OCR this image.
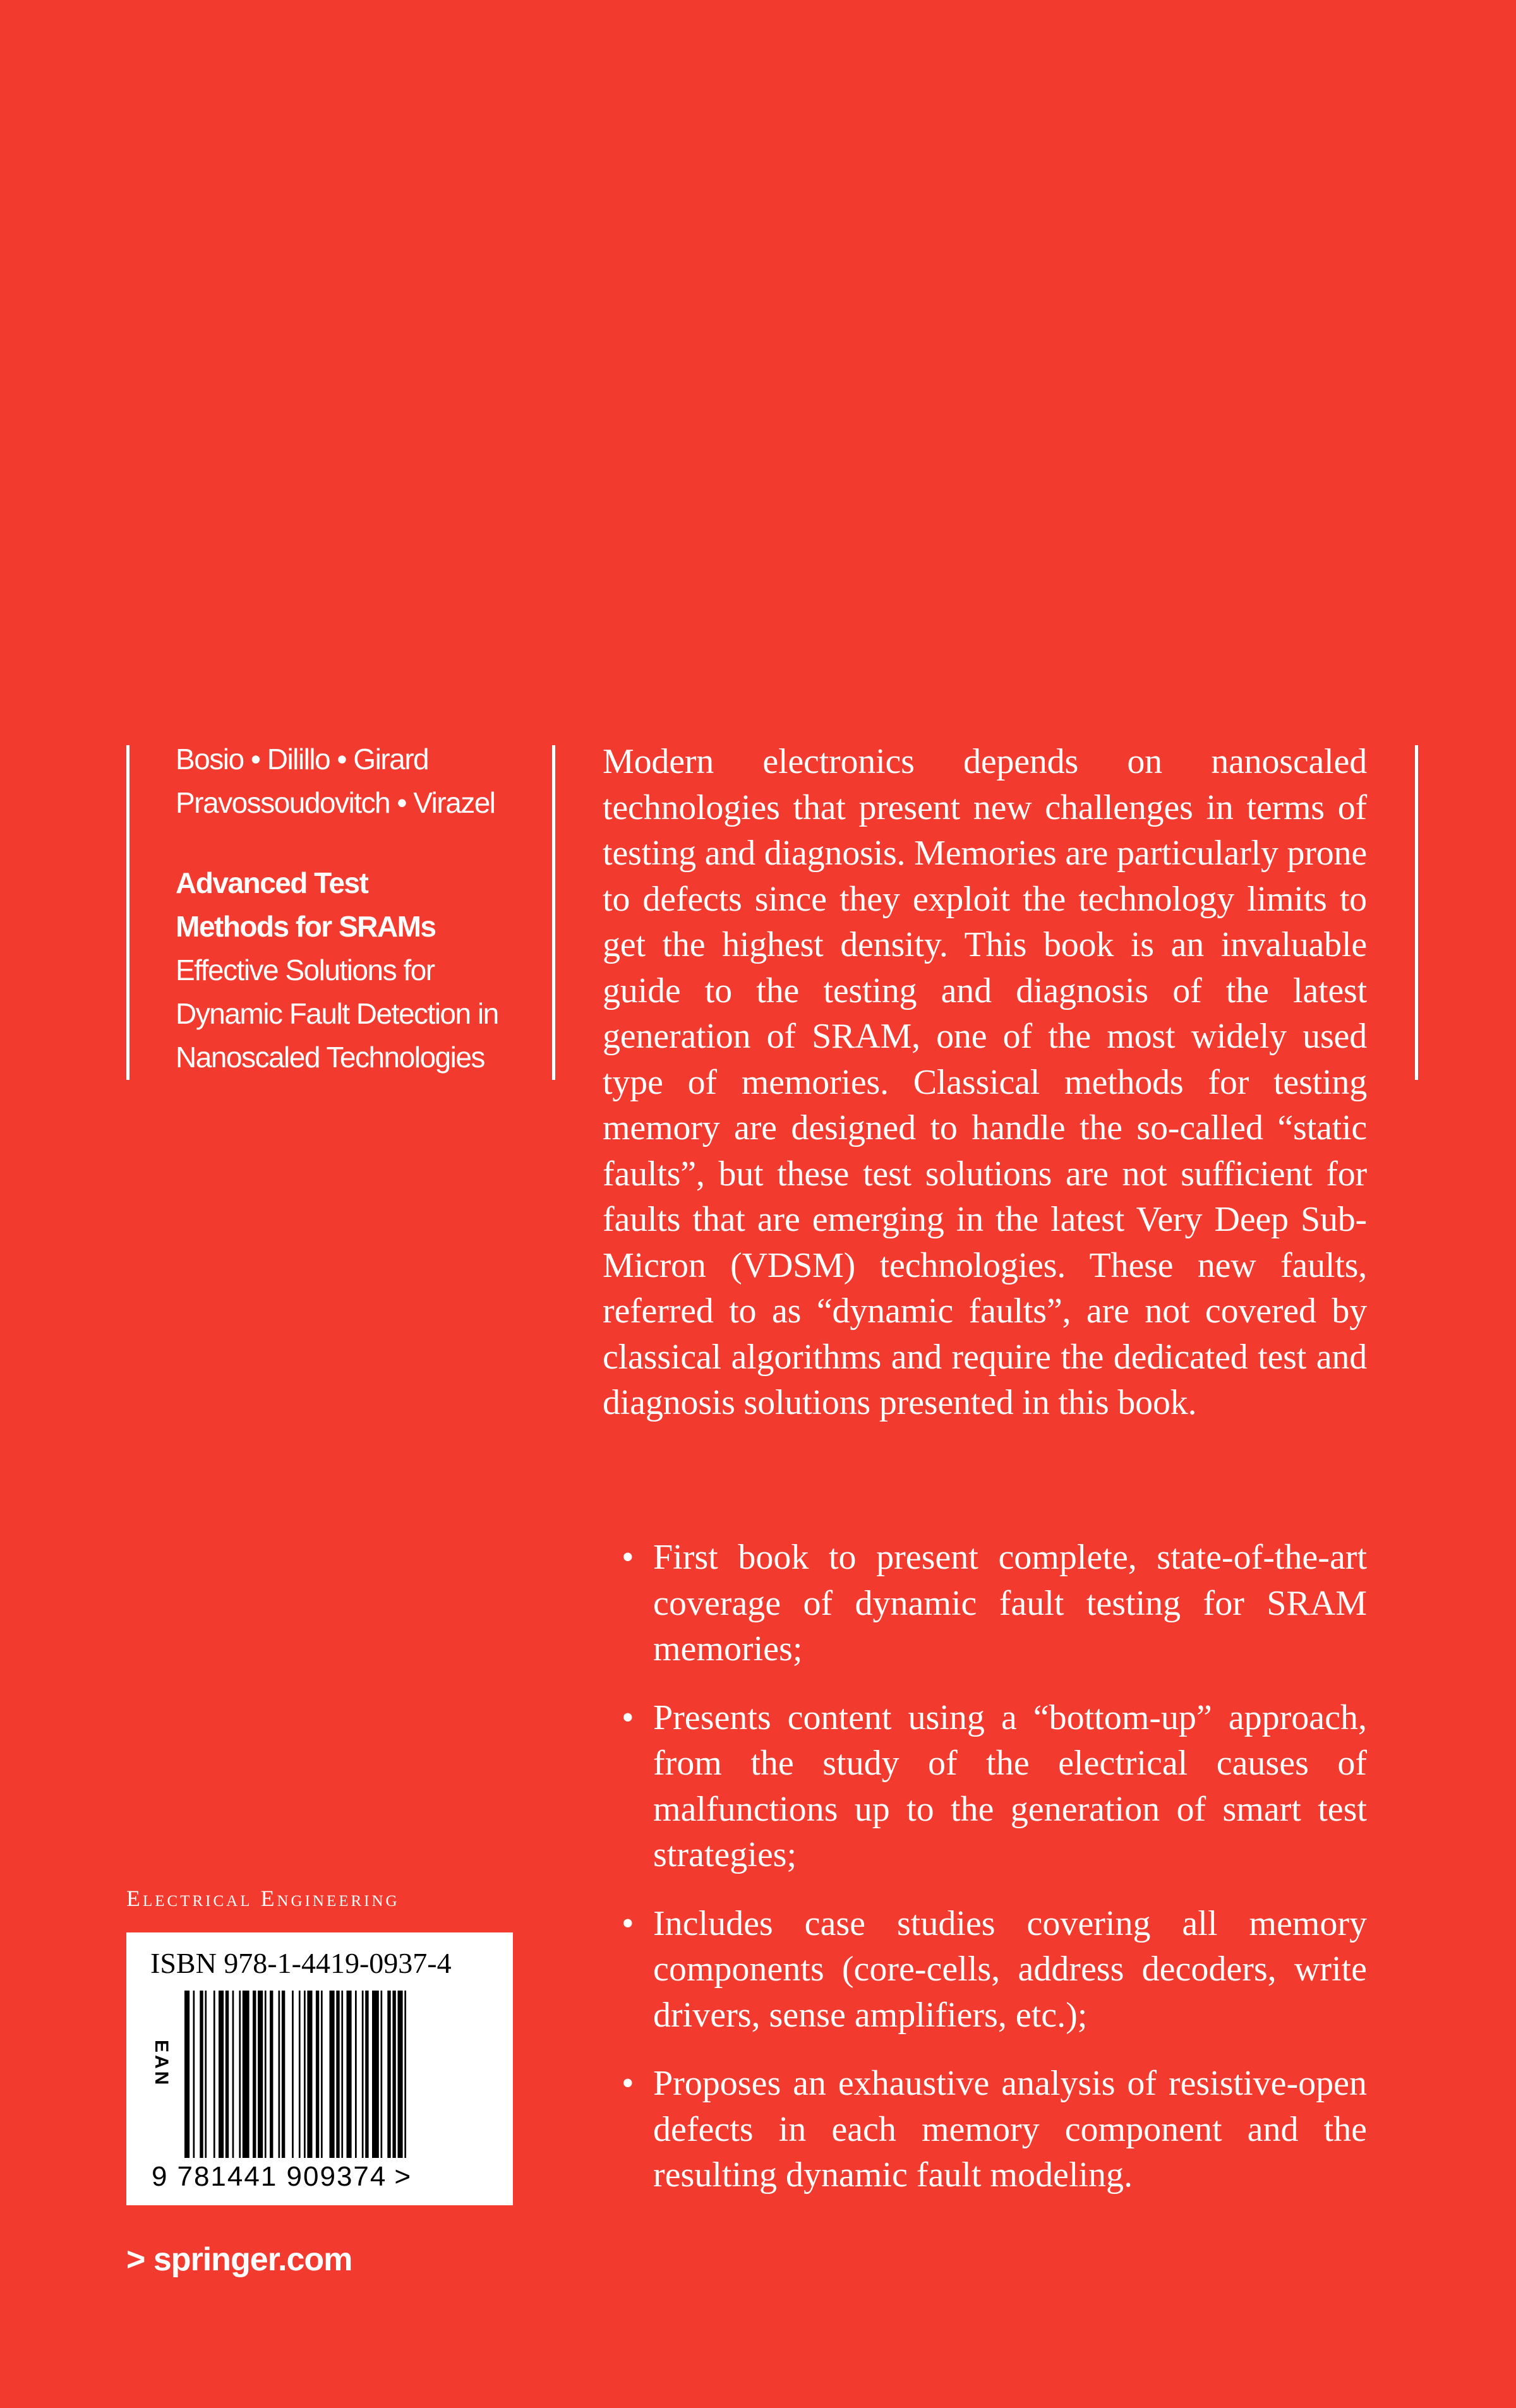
Bosio • Dilillo • Girard
Pravossoudovitch • Virazel
Advanced Test
Methods for SRAMs
Effective Solutions for
Dynamic Fault Detection in
Nanoscaled Technologies
Modern electronics depends on nanoscaled technologies that present new challenges in terms of testing and diagnosis. Memories are particularly prone to defects since they exploit the technology limits to get the highest density. This book is an invaluable guide to the testing and diagnosis of the latest generation of SRAM, one of the most widely used type of memories. Classical methods for testing memory are designed to handle the so-called “static faults”, but these test solutions are not sufficient for faults that are emerging in the latest Very Deep Sub-Micron (VDSM) technologies. These new faults, referred to as “dynamic faults”, are not covered by classical algorithms and require the dedicated test and diagnosis solutions presented in this book.
• First book to present complete, state-of-the-art coverage of dynamic fault testing for SRAM memories;
• Presents content using a “bottom-up” approach, from the study of the electrical causes of malfunctions up to the generation of smart test strategies;
• Includes case studies covering all memory components (core-cells, address decoders, write drivers, sense amplifiers, etc.);
• Proposes an exhaustive analysis of resistive-open defects in each memory component and the resulting dynamic fault modeling.
Electrical Engineering
ISBN 978-1-4419-0937-4
EAN
9 781441 909374 >
> springer.com
